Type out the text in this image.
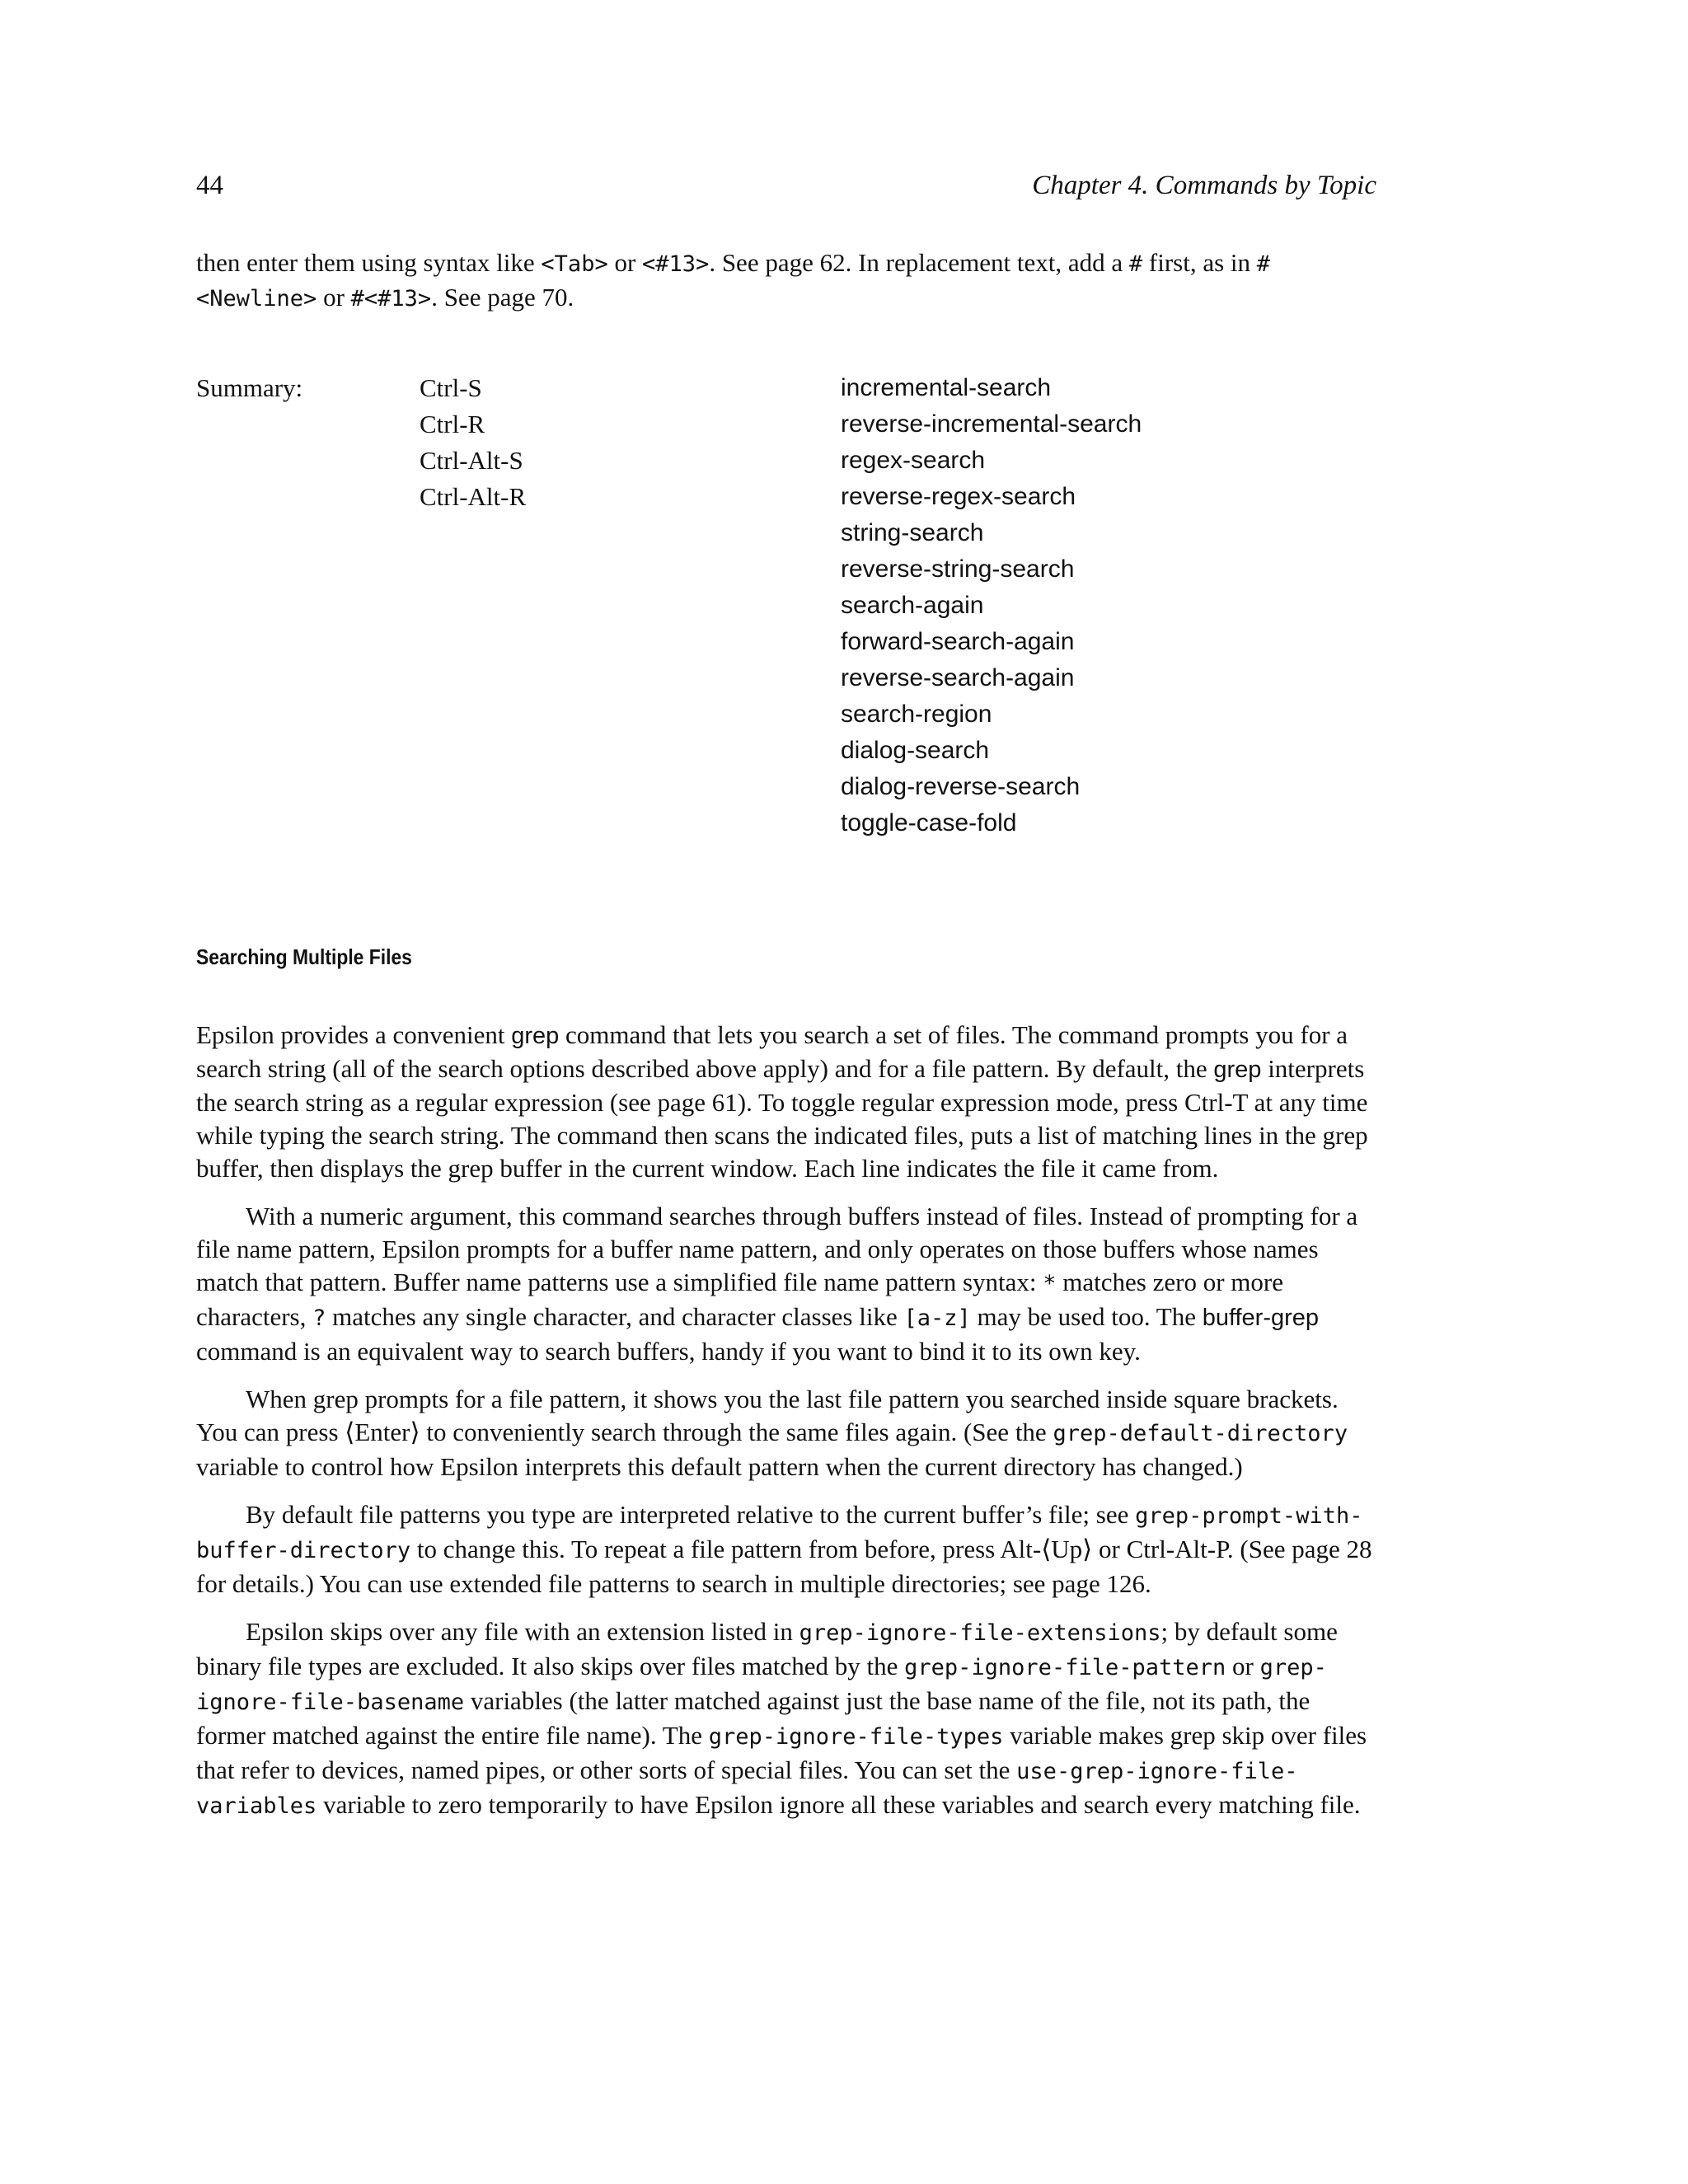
44	Chapter 4. Commands by Topic

then enter them using syntax like <Tab> or <#13>. See page 62. In replacement text, add a # first, as in #<Newline> or #<#13>. See page 70.

Summary:	Ctrl-S
Ctrl-R
Ctrl-Alt-S
Ctrl-Alt-R
incremental-search
reverse-incremental-search
regex-search
reverse-regex-search
string-search
reverse-string-search
search-again
forward-search-again
reverse-search-again
search-region
dialog-search
dialog-reverse-search
toggle-case-fold
Searching Multiple Files

Epsilon provides a convenient grep command that lets you search a set of files. The command prompts you for a search string (all of the search options described above apply) and for a file pattern. By default, the grep interprets the search string as a regular expression (see page 61). To toggle regular expression mode, press Ctrl-T at any time while typing the search string. The command then scans the indicated files, puts a list of matching lines in the grep buffer, then displays the grep buffer in the current window. Each line indicates the file it came from.

With a numeric argument, this command searches through buffers instead of files. Instead of prompting for a file name pattern, Epsilon prompts for a buffer name pattern, and only operates on those buffers whose names match that pattern. Buffer name patterns use a simplified file name pattern syntax: * matches zero or more characters, ? matches any single character, and character classes like [a-z] may be used too. The buffer-grep command is an equivalent way to search buffers, handy if you want to bind it to its own key.

When grep prompts for a file pattern, it shows you the last file pattern you searched inside square brackets. You can press ⟨Enter⟩ to conveniently search through the same files again. (See the grep-default-directory variable to control how Epsilon interprets this default pattern when the current directory has changed.)

By default file patterns you type are interpreted relative to the current buffer’s file; see grep-prompt-with-buffer-directory to change this. To repeat a file pattern from before, press Alt-⟨Up⟩ or Ctrl-Alt-P. (See page 28 for details.) You can use extended file patterns to search in multiple directories; see page 126.

Epsilon skips over any file with an extension listed in grep-ignore-file-extensions; by default some binary file types are excluded. It also skips over files matched by the grep-ignore-file-pattern or grep-ignore-file-basename variables (the latter matched against just the base name of the file, not its path, the former matched against the entire file name). The grep-ignore-file-types variable makes grep skip over files that refer to devices, named pipes, or other sorts of special files. You can set the use-grep-ignore-file-variables variable to zero temporarily to have Epsilon ignore all these variables and search every matching file.
